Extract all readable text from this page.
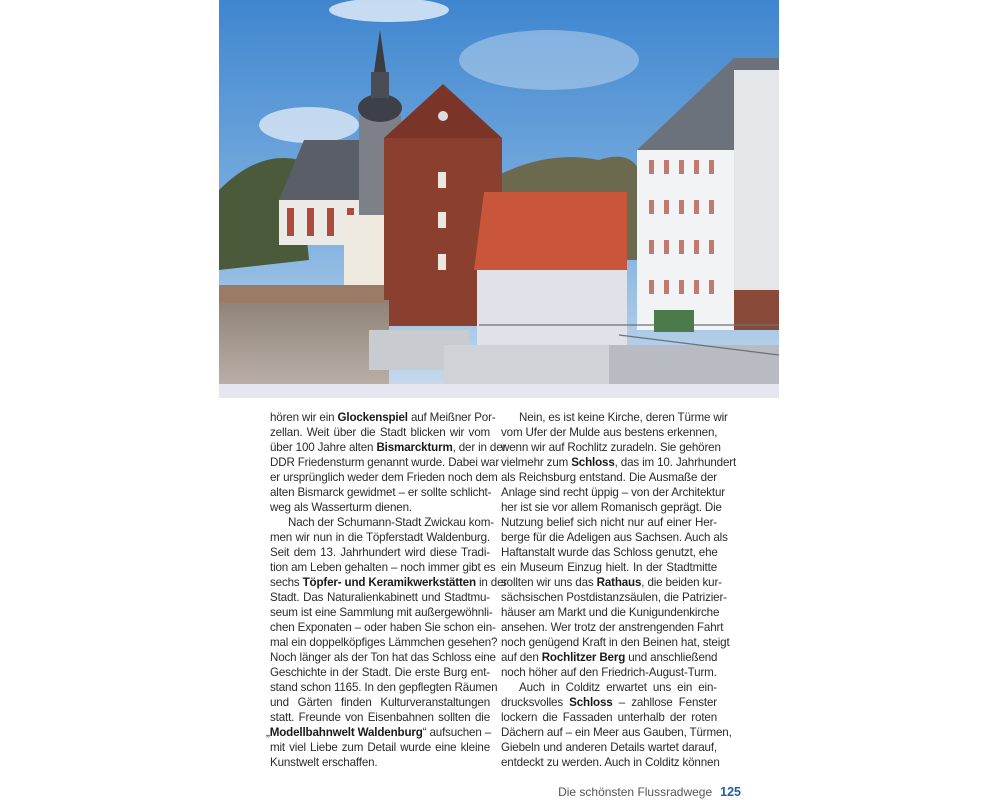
hören wir ein Glockenspiel auf Meißner Por-
zellan. Weit über die Stadt blicken wir vom
über 100 Jahre alten Bismarckturm, der in der
DDR Friedensturm genannt wurde. Dabei war
er ursprünglich weder dem Frieden noch dem
alten Bismarck gewidmet – er sollte schlicht-
weg als Wasserturm dienen.
Nach der Schumann-Stadt Zwickau kom-
men wir nun in die Töpferstadt Waldenburg.
Seit dem 13. Jahrhundert wird diese Tradi-
tion am Leben gehalten – noch immer gibt es
sechs Töpfer- und Keramikwerkstätten in der
Stadt. Das Naturalienkabinett und Stadtmu-
seum ist eine Sammlung mit außergewöhnli-
chen Exponaten – oder haben Sie schon ein-
mal ein doppelköpfiges Lämmchen gesehen?
Noch länger als der Ton hat das Schloss eine
Geschichte in der Stadt. Die erste Burg ent-
stand schon 1165. In den gepflegten Räumen
und Gärten finden Kulturveranstaltungen
statt. Freunde von Eisenbahnen sollten die
„Modellbahnwelt Waldenburg“ aufsuchen –
mit viel Liebe zum Detail wurde eine kleine
Kunstwelt erschaffen.
Nein, es ist keine Kirche, deren Türme wir
vom Ufer der Mulde aus bestens erkennen,
wenn wir auf Rochlitz zuradeln. Sie gehören
vielmehr zum Schloss, das im 10. Jahrhundert
als Reichsburg entstand. Die Ausmaße der
Anlage sind recht üppig – von der Architektur
her ist sie vor allem Romanisch geprägt. Die
Nutzung belief sich nicht nur auf einer Her-
berge für die Adeligen aus Sachsen. Auch als
Haftanstalt wurde das Schloss genutzt, ehe
ein Museum Einzug hielt. In der Stadtmitte
sollten wir uns das Rathaus, die beiden kur-
sächsischen Postdistanzsäulen, die Patrizier-
häuser am Markt und die Kunigundenkirche
ansehen. Wer trotz der anstrengenden Fahrt
noch genügend Kraft in den Beinen hat, steigt
auf den Rochlitzer Berg und anschließend
noch höher auf den Friedrich-August-Turm.
Auch in Colditz erwartet uns ein ein-
drucksvolles Schloss – zahllose Fenster
lockern die Fassaden unterhalb der roten
Dächern auf – ein Meer aus Gauben, Türmen,
Giebeln und anderen Details wartet darauf,
entdeckt zu werden. Auch in Colditz können
Die schönsten Flussradwege 125
